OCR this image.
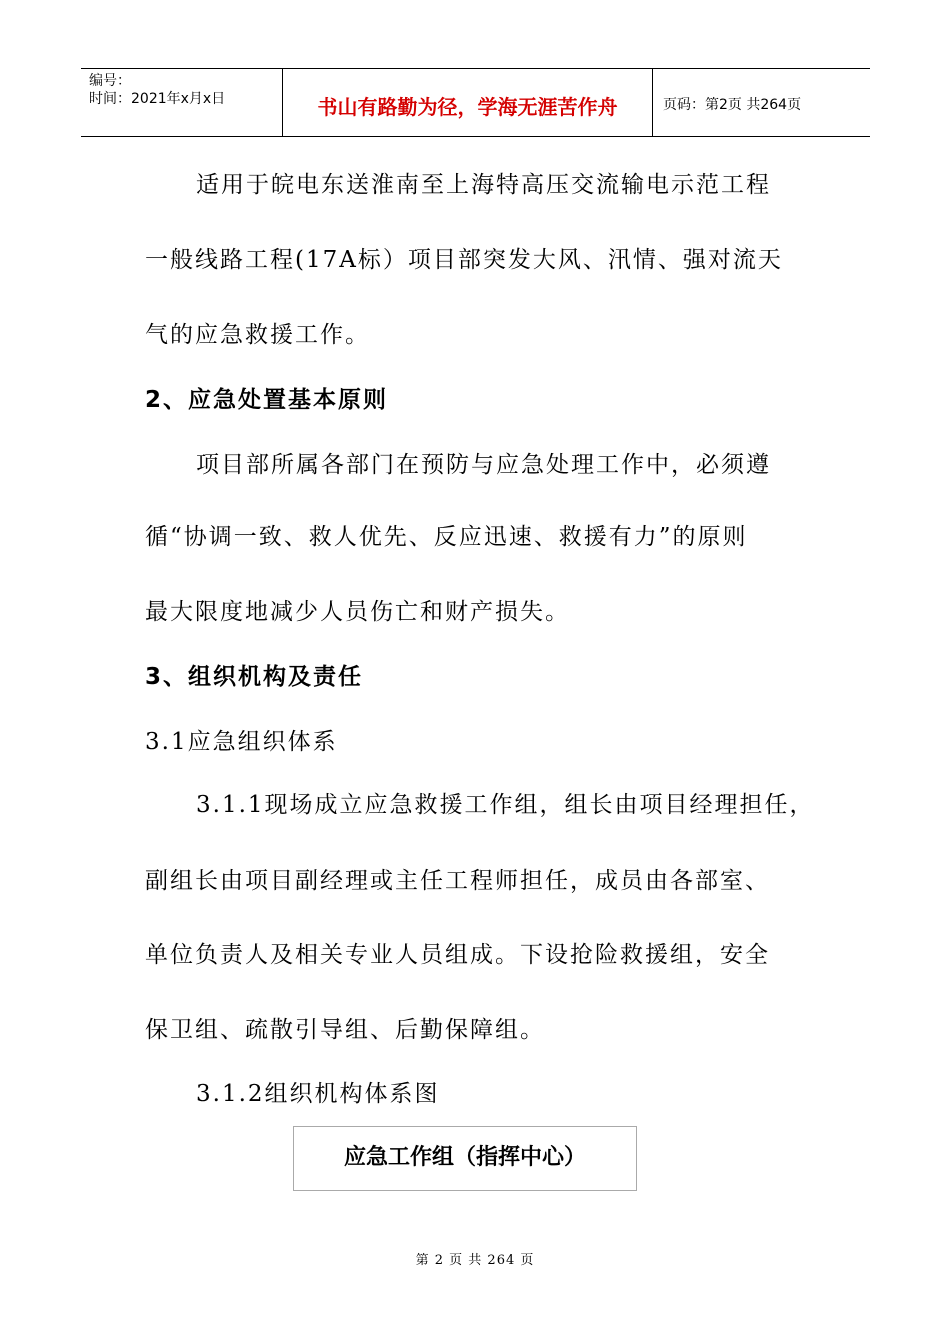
编号：
时间：2021年x月x日	书山有路勤为径，学海无涯苦作舟	页码：第2页 共264页
适用于皖电东送淮南至上海特高压交流输电示范工程
一般线路工程(17A标）项目部突发大风、汛情、强对流天
气的应急救援工作。
2、应急处置基本原则
项目部所属各部门在预防与应急处理工作中，必须遵
循“协调一致、救人优先、反应迅速、救援有力”的原则
最大限度地减少人员伤亡和财产损失。
3、组织机构及责任
3.1应急组织体系
3.1.1现场成立应急救援工作组，组长由项目经理担任，
副组长由项目副经理或主任工程师担任，成员由各部室、
单位负责人及相关专业人员组成。下设抢险救援组，安全
保卫组、疏散引导组、后勤保障组。
3.1.2组织机构体系图
应急工作组（指挥中心）
第 2 页 共 264 页
